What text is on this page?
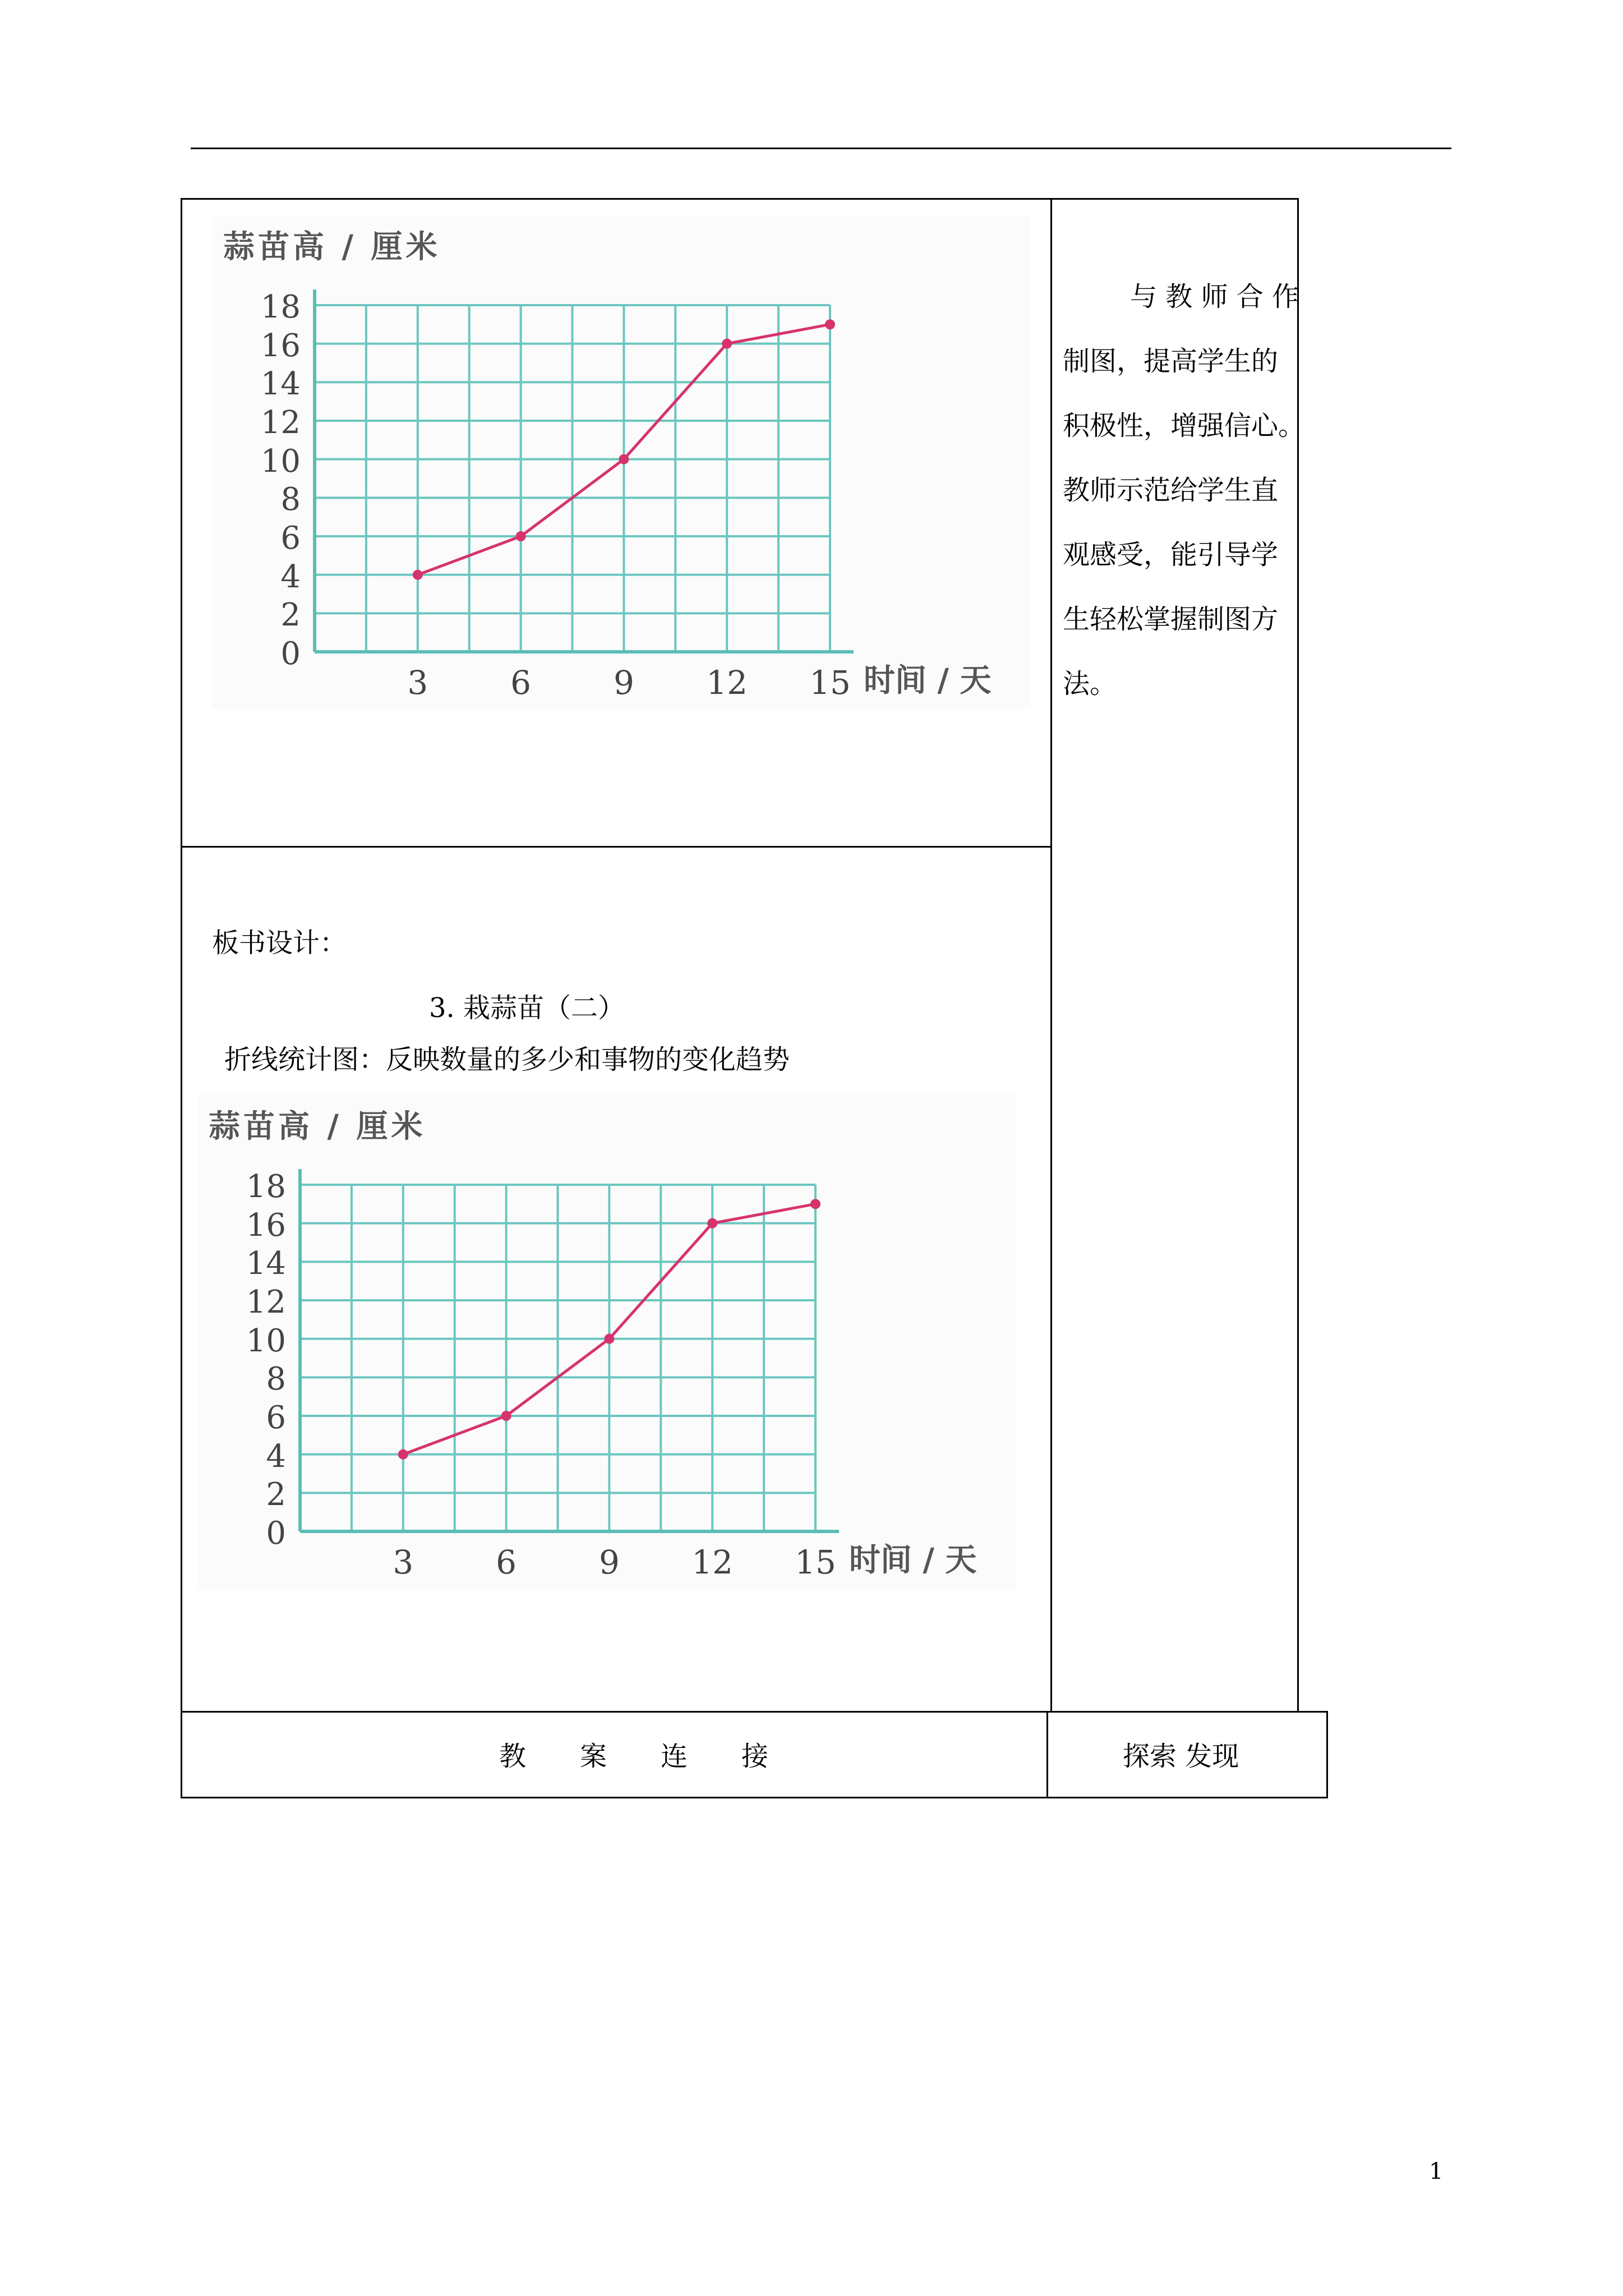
蒜苗高 / 厘米
0
2
4
6
8
10
12
14
16
18
3	6	9	12	15 时间 / 天
与 教 师 合 作
制图，提高学生的
积极性，增强信心。
教师示范给学生直
观感受，能引导学
生轻松掌握制图方
法。
板书设计：
3. 栽蒜苗（二）
折线统计图：反映数量的多少和事物的变化趋势
蒜苗高 / 厘米
0
2
4
6
8
10
12
14
16
18
3	6	9	12	15 时间 / 天
教　　案　　连　　接	探索 发现
1
